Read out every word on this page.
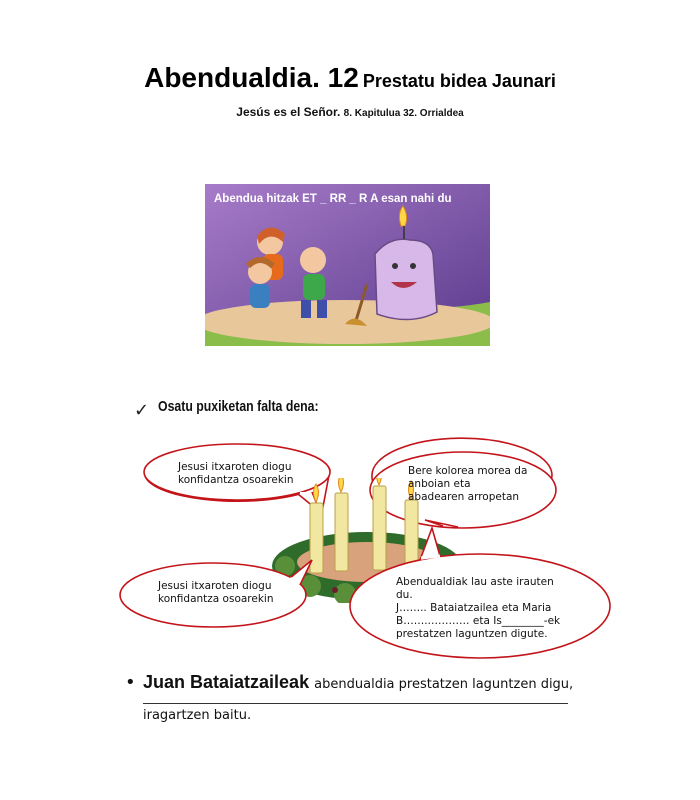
Abendualdia. 12 Prestatu bidea Jaunari
Jesús es el Señor. 8. Kapitulua 32. Orrialdea
Abendua hitzak ET _ RR _ R A esan nahi du
✓ Osatu puxiketan falta dena:
Jesusi itxaroten diogu
konfidantza osoarekin
Bere kolorea morea da
anboian eta
abadearen arropetan
Jesusi itxaroten diogu
konfidantza osoarekin
Abendualdiak lau aste irauten
du.
J…….. Bataiatzailea eta Maria
B…….………… eta Is________-ek
prestatzen laguntzen digute.
• Juan Bataiatzaileak abendualdia prestatzen laguntzen digu,
iragartzen baitu.
